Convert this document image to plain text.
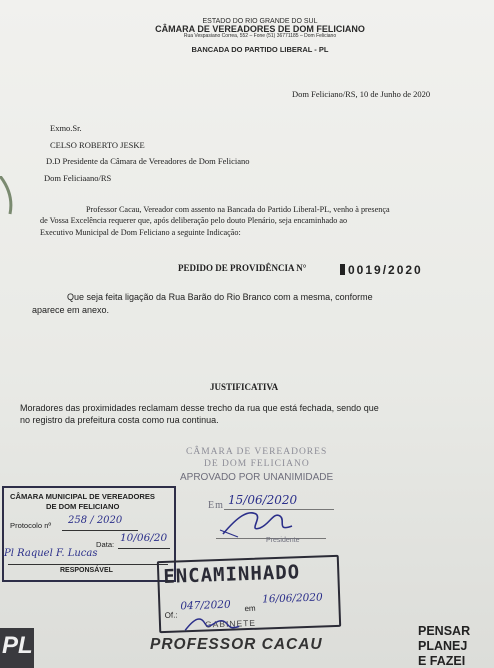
ESTADO DO RIO GRANDE DO SUL
CÂMARA DE VEREADORES DE DOM FELICIANO
Rua Vespasiano Correa, 552 – Fone (51) 36771185 – Dom Feliciano
BANCADA DO PARTIDO LIBERAL - PL
Dom Feliciano/RS, 10 de Junho de 2020
Exmo.Sr.
CELSO ROBERTO JESKE
D.D Presidente da Câmara de Vereadores de Dom Feliciano
Dom Feliciaano/RS
Professor Cacau, Vereador com assento na Bancada do Partido Liberal-PL, venho à presença
de Vossa Excelência requerer que, após deliberação pelo douto Plenário, seja encaminhado ao
Executivo Municipal de Dom Feliciano a seguinte Indicação:
PEDIDO DE PROVIDÊNCIA N°	0019/2020
Que seja feita ligação da Rua Barão do Rio Branco com a mesma, conforme
aparece em anexo.
JUSTIFICATIVA
Moradores das proximidades reclamam desse trecho da rua que está fechada, sendo que
no registro da prefeitura costa como rua continua.
CÂMARA DE VEREADORES
DE DOM FELICIANO
APROVADO POR UNANIMIDADE
Em 15/06/2020
Presidente
CÂMARA MUNICIPAL DE VEREADORES
DE DOM FELICIANO
Protocolo nº 258 / 2020
Data:
10/06/20
Pl Raquel F. Lucas
RESPONSÁVEL	ENCAMINHADO
Of.:
047/2020 em
16/06/2020
GABINETE
PL	PROFESSOR CACAU
PENSAR
PLANEJ
E FAZEI
